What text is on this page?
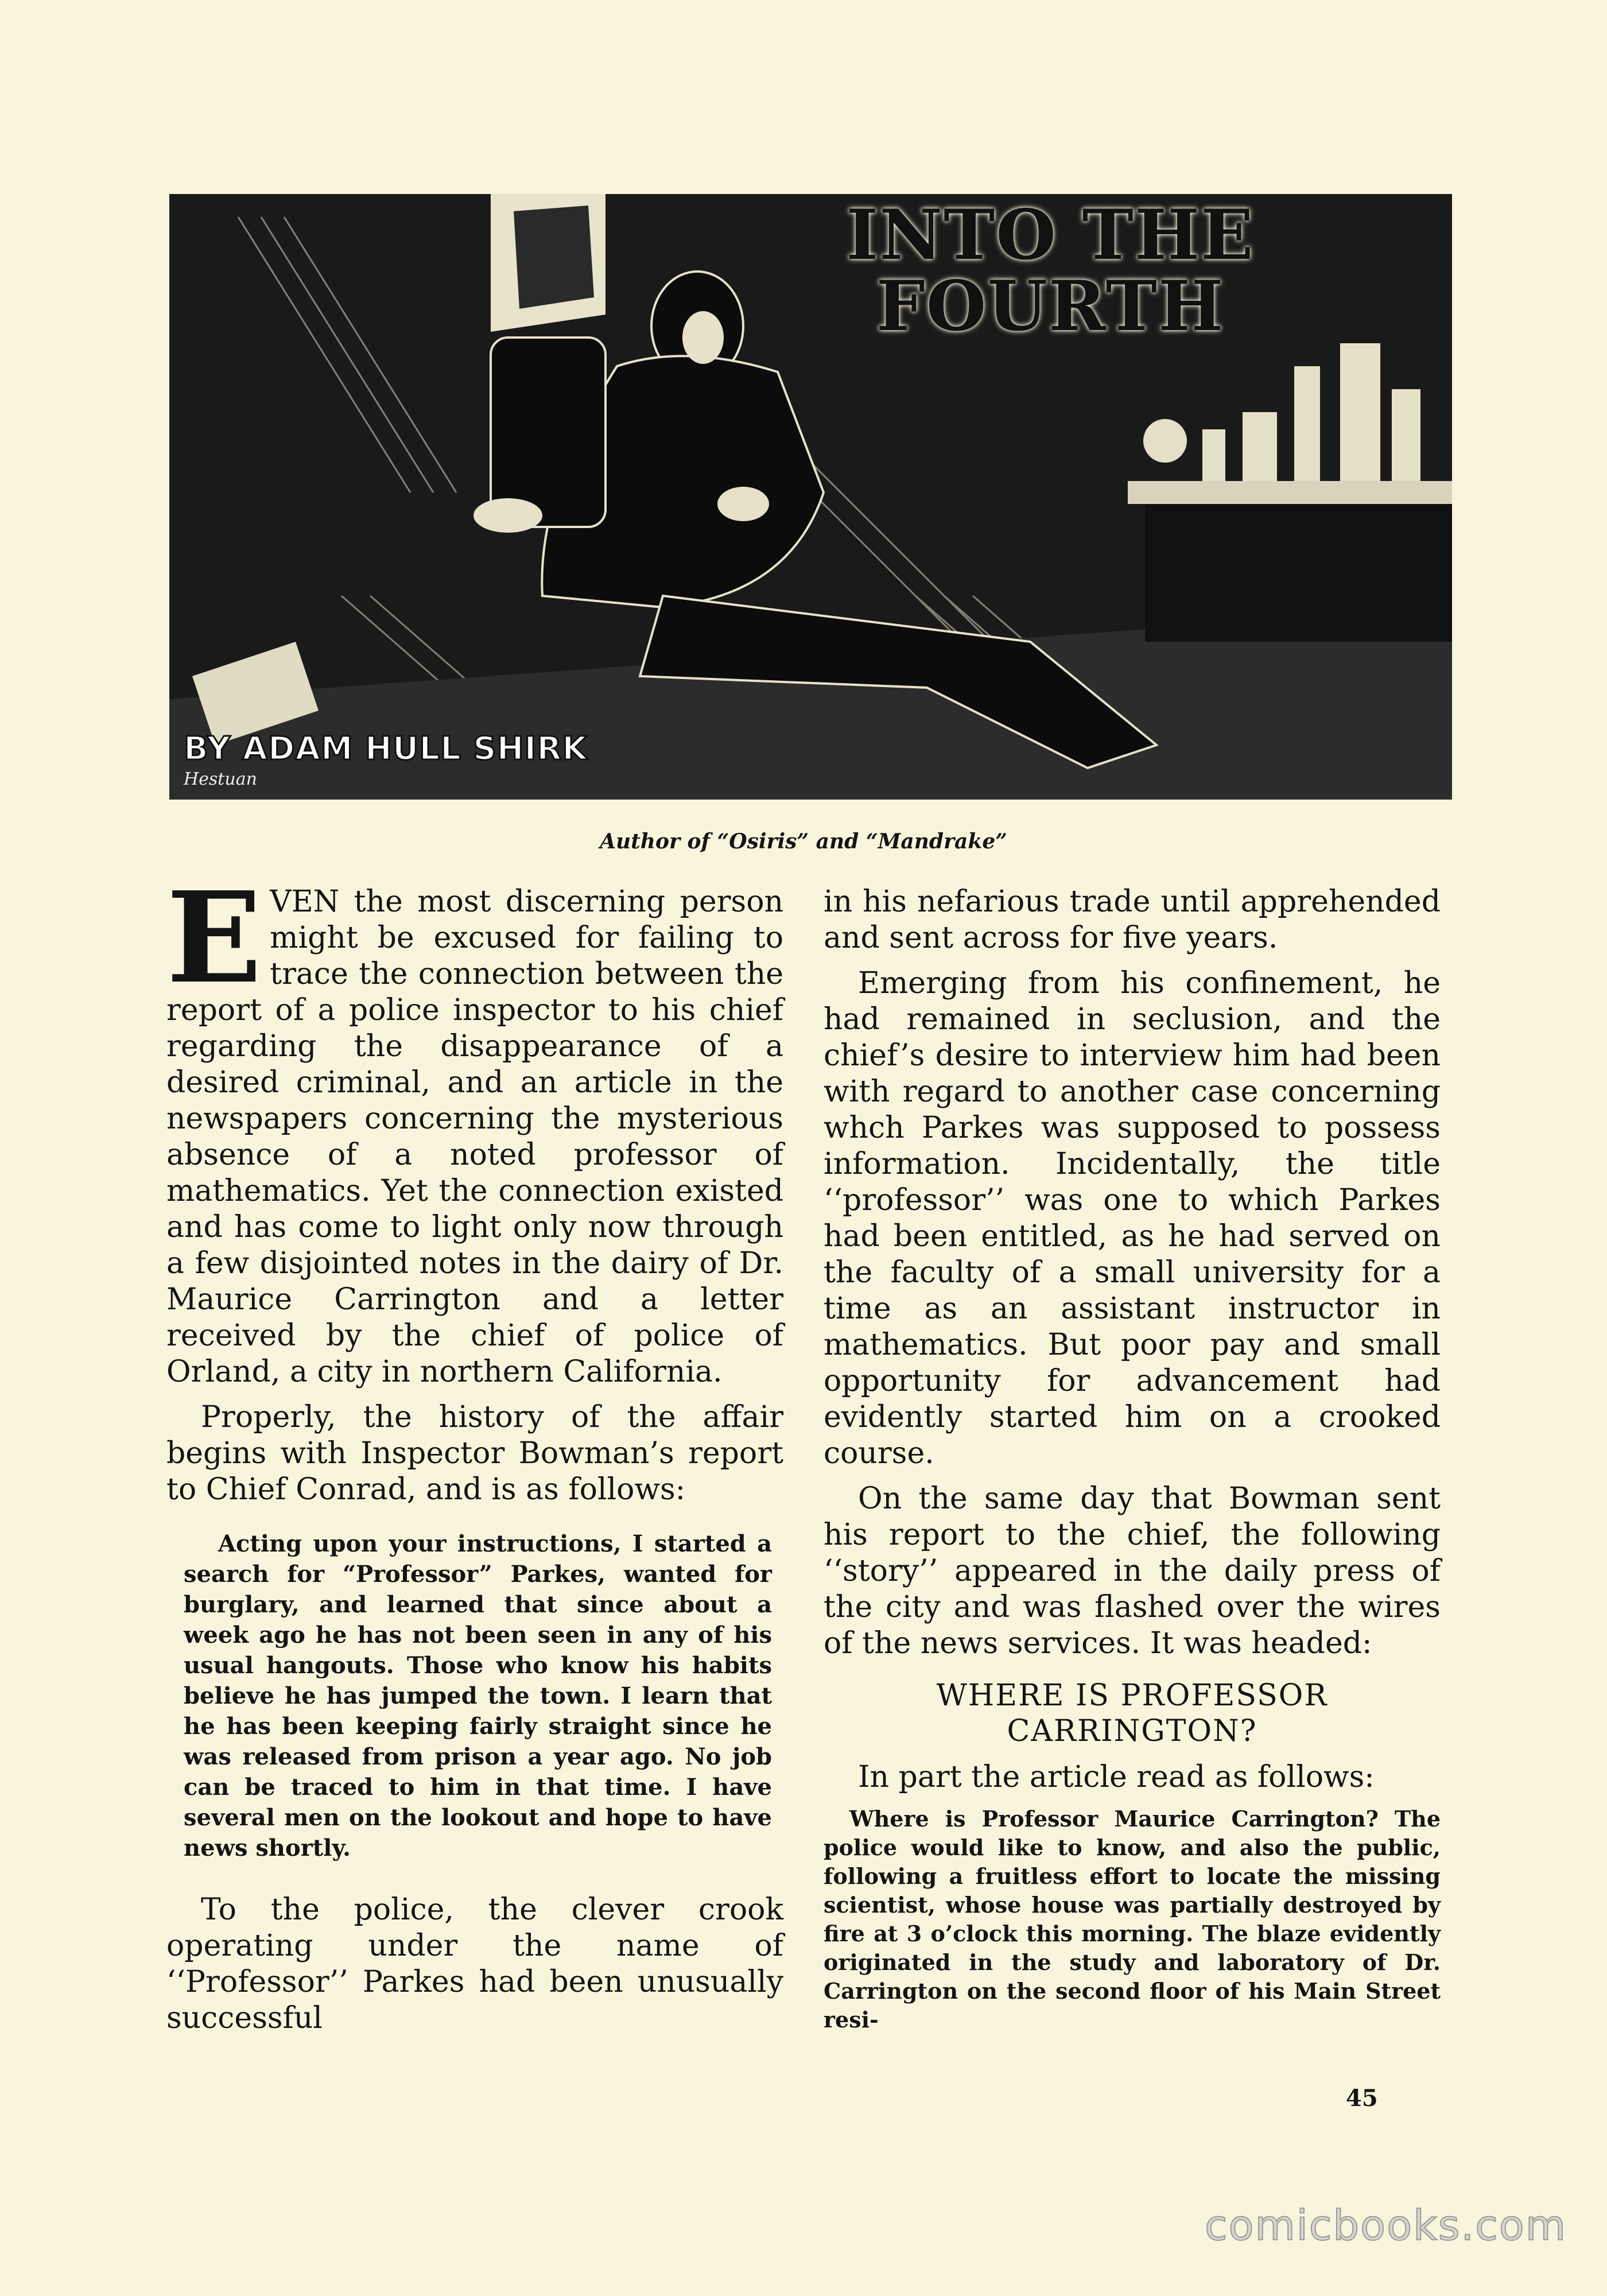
INTO THE
FOURTH
BY ADAM HULL SHIRK
Hestuan
Author of “Osiris” and “Mandrake”

EVEN the most discerning person might be excused for failing to trace the connection between the report of a police inspector to his chief regarding the disappearance of a desired criminal, and an article in the newspapers concerning the mysterious absence of a noted professor of mathematics. Yet the connection existed and has come to light only now through a few disjointed notes in the dairy of Dr. Maurice Carrington and a letter received by the chief of police of Orland, a city in northern California.

Properly, the history of the affair begins with Inspector Bowman’s report to Chief Conrad, and is as follows:

Acting upon your instructions, I started a search for “Professor” Parkes, wanted for burglary, and learned that since about a week ago he has not been seen in any of his usual hangouts. Those who know his habits believe he has jumped the town. I learn that he has been keeping fairly straight since he was released from prison a year ago. No job can be traced to him in that time. I have several men on the lookout and hope to have news shortly.

To the police, the clever crook operating under the name of ‘‘Professor’’ Parkes had been unusually successful

in his nefarious trade until apprehended and sent across for five years.

Emerging from his confinement, he had remained in seclusion, and the chief’s desire to interview him had been with regard to another case concerning whch Parkes was supposed to possess information. Incidentally, the title ‘‘professor’’ was one to which Parkes had been entitled, as he had served on the faculty of a small university for a time as an assistant instructor in mathematics. But poor pay and small opportunity for advancement had evidently started him on a crooked course.

On the same day that Bowman sent his report to the chief, the following ‘‘story’’ appeared in the daily press of the city and was flashed over the wires of the news services. It was headed:

WHERE IS PROFESSOR CARRINGTON?

In part the article read as follows:

Where is Professor Maurice Carrington? The police would like to know, and also the public, following a fruitless effort to locate the missing scientist, whose house was partially destroyed by fire at 3 o’clock this morning. The blaze evidently originated in the study and laboratory of Dr. Carrington on the second floor of his Main Street resi-
45
comicbooks.com
